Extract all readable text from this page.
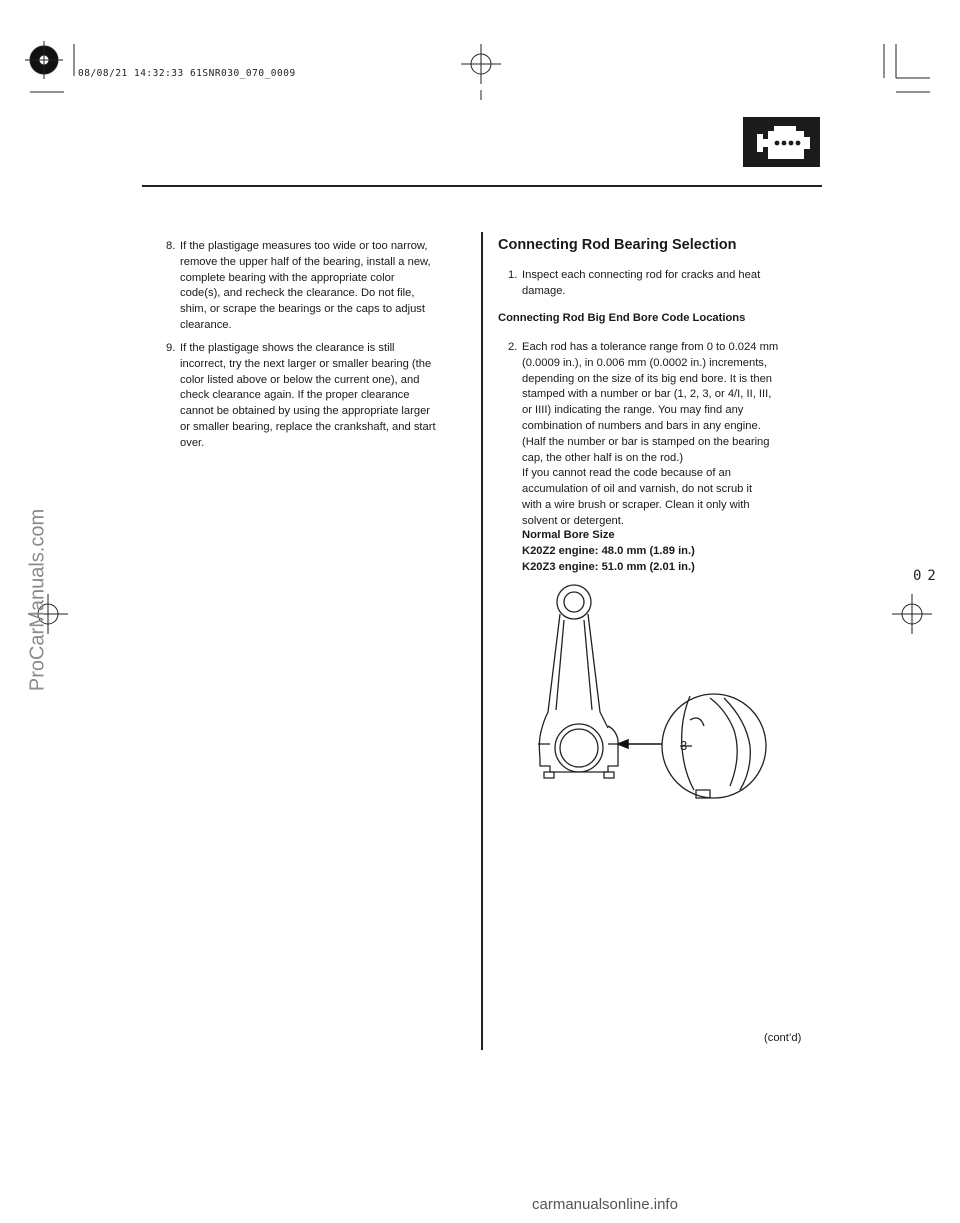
08/08/21 14:32:33 61SNR030_070_0009
8. If the plastigage measures too wide or too narrow,
remove the upper half of the bearing, install a new,
complete bearing with the appropriate color
code(s), and recheck the clearance. Do not file,
shim, or scrape the bearings or the caps to adjust
clearance.
9. If the plastigage shows the clearance is still
incorrect, try the next larger or smaller bearing (the
color listed above or below the current one), and
check clearance again. If the proper clearance
cannot be obtained by using the appropriate larger
or smaller bearing, replace the crankshaft, and start
over.
Connecting Rod Bearing Selection
1. Inspect each connecting rod for cracks and heat
damage.
Connecting Rod Big End Bore Code Locations
2. Each rod has a tolerance range from 0 to 0.024 mm
(0.0009 in.), in 0.006 mm (0.0002 in.) increments,
depending on the size of its big end bore. It is then
stamped with a number or bar (1, 2, 3, or 4/I, II, III,
or IIII) indicating the range. You may find any
combination of numbers and bars in any engine.
(Half the number or bar is stamped on the bearing
cap, the other half is on the rod.)
If you cannot read the code because of an
accumulation of oil and varnish, do not scrub it
with a wire brush or scraper. Clean it only with
solvent or detergent.
Normal Bore Size
K20Z2 engine: 48.0 mm (1.89 in.)
K20Z3 engine: 51.0 mm (2.01 in.)
3
(cont’d)
02
ProCarManuals.com
carmanualsonline.info
